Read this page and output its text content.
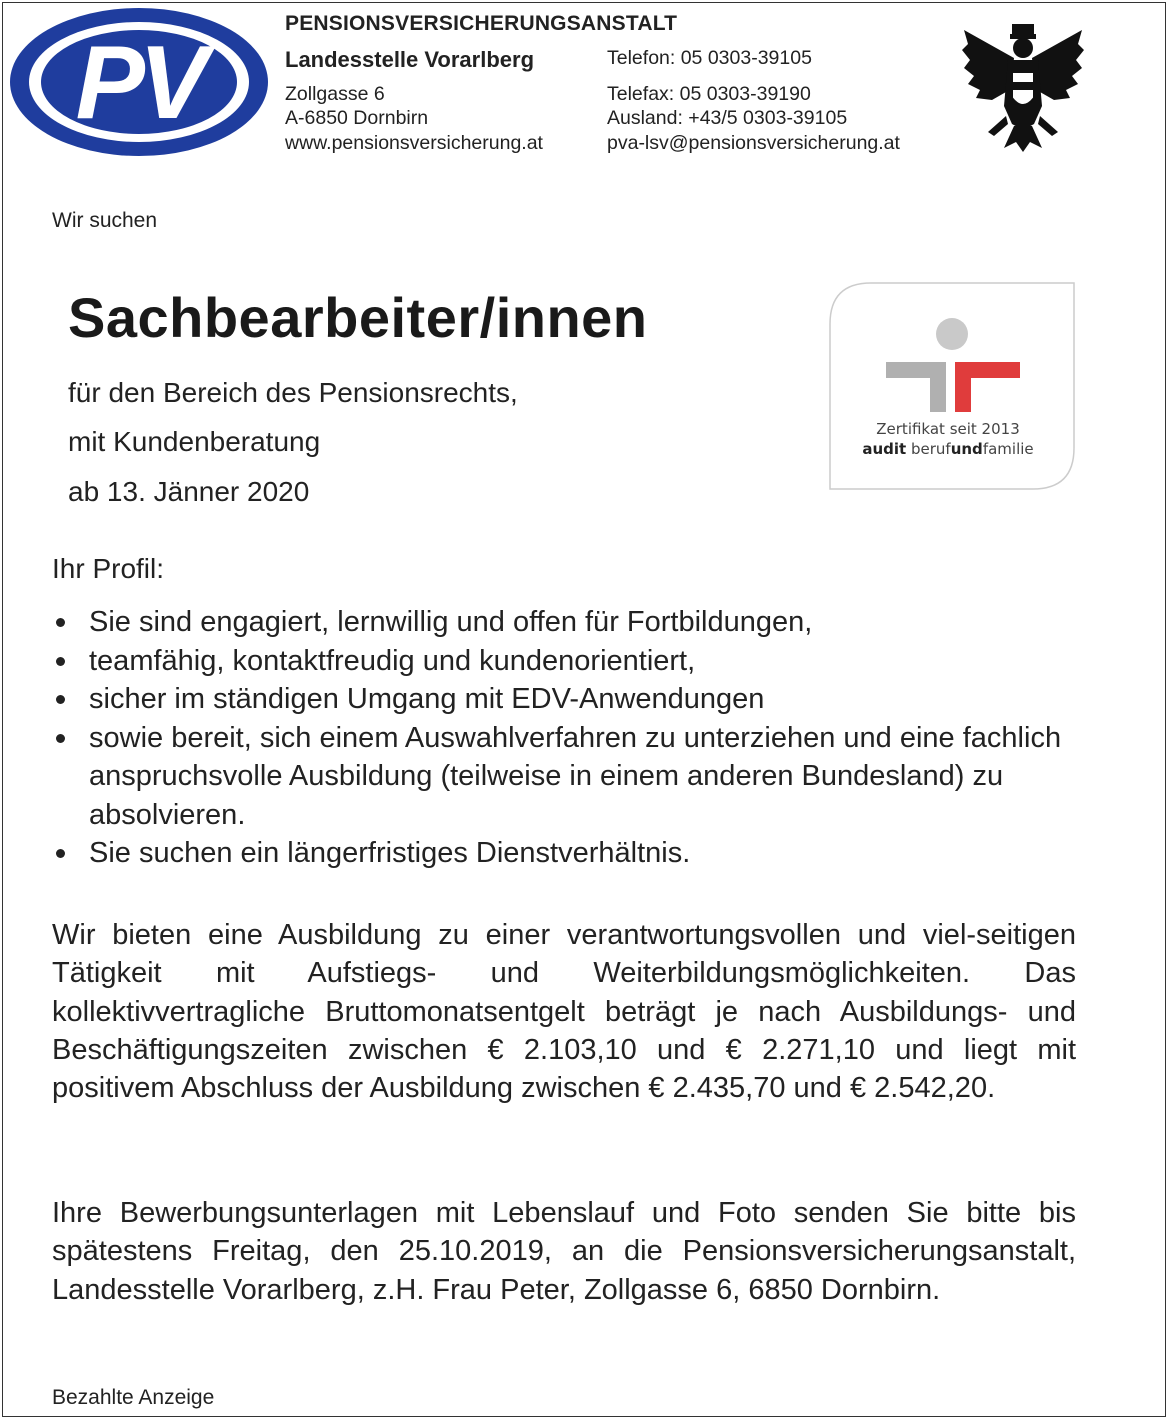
PV
PENSIONSVERSICHERUNGSANSTALT
Landesstelle Vorarlberg
Zollgasse 6
A-6850 Dornbirn
www.pensionsversicherung.at
Telefon: 05 0303-39105
Telefax: 05 0303-39190
Ausland: +43/5 0303-39105
pva-lsv@pensionsversicherung.at
Wir suchen
Sachbearbeiter/innen
für den Bereich des Pensionsrechts,
mit Kundenberatung
ab 13. Jänner 2020
Zertifikat seit 2013
audit berufundfamilie
Ihr Profil:
Sie sind engagiert, lernwillig und offen für Fortbildungen,
teamfähig, kontaktfreudig und kundenorientiert,
sicher im ständigen Umgang mit EDV-Anwendungen
sowie bereit, sich einem Auswahlverfahren zu unterziehen und eine fachlich anspruchsvolle Ausbildung (teilweise in einem anderen Bundesland) zu absolvieren.
Sie suchen ein längerfristiges Dienstverhältnis.
Wir bieten eine Ausbildung zu einer verantwortungsvollen und viel-seitigen Tätigkeit mit Aufstiegs- und Weiterbildungsmöglichkeiten. Das kollektivvertragliche Bruttomonatsentgelt beträgt je nach Ausbildungs- und Beschäftigungszeiten zwischen € 2.103,10 und € 2.271,10 und liegt mit positivem Abschluss der Ausbildung zwischen € 2.435,70 und € 2.542,20.
Ihre Bewerbungsunterlagen mit Lebenslauf und Foto senden Sie bitte bis spätestens Freitag, den 25.10.2019, an die Pensionsversicherungsanstalt, Landesstelle Vorarlberg, z.H. Frau Peter, Zollgasse 6, 6850 Dornbirn.
Bezahlte Anzeige
